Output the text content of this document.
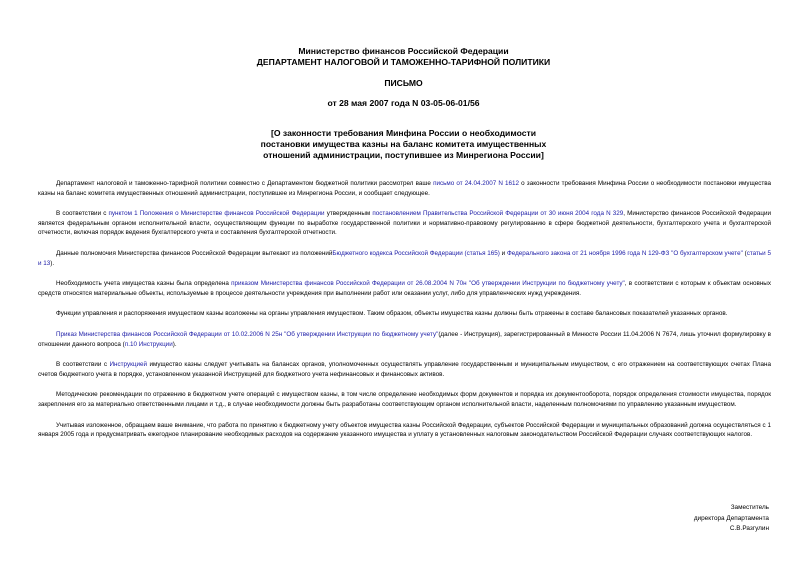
Министерство финансов Российской Федерации
ДЕПАРТАМЕНТ НАЛОГОВОЙ И ТАМОЖЕННО-ТАРИФНОЙ ПОЛИТИКИ
ПИСЬМО
от 28 мая 2007 года N 03-05-06-01/56
[О законности требования Минфина России о необходимости
постановки имущества казны на баланс комитета имущественных
отношений администрации, поступившее из Минрегиона России]

Департамент налоговой и таможенно-тарифной политики совместно с Департаментом бюджетной политики рассмотрел ваше письмо от 24.04.2007 N 1612 о законности требования Минфина России о необходимости постановки имущества казны на баланс комитета имущественных отношений администрации, поступившее из Минрегиона России, и сообщает следующее.

В соответствии с пунктом 1 Положения о Министерстве финансов Российской Федерации утвержденным постановлением Правительства Российской Федерации от 30 июня 2004 года N 329, Министерство финансов Российской Федерации является федеральным органом исполнительной власти, осуществляющим функции по выработке государственной политики и нормативно-правовому регулированию в сфере бюджетной деятельности, бухгалтерского учета и бухгалтерской отчетности, включая порядок ведения бухгалтерского учета и составления бухгалтерской отчетности.

Данные полномочия Министерства финансов Российской Федерации вытекают из положенийБюджетного кодекса Российской Федерации (статья 165) и Федерального закона от 21 ноября 1996 года N 129-ФЗ "О бухгалтерском учете" (статьи 5 и 13).

Необходимость учета имущества казны была определена приказом Министерства финансов Российской Федерации от 26.08.2004 N 70н "Об утверждении Инструкции по бюджетному учету", в соответствии с которым к объектам основных средств относятся материальные объекты, используемые в процессе деятельности учреждения при выполнении работ или оказании услуг, либо для управленческих нужд учреждения.

Функции управления и распоряжения имуществом казны возложены на органы управления имуществом. Таким образом, объекты имущества казны должны быть отражены в составе балансовых показателей указанных органов.

Приказ Министерства финансов Российской Федерации от 10.02.2006 N 25н "Об утверждении Инструкции по бюджетному учету"(далее - Инструкция), зарегистрированный в Минюсте России 11.04.2006 N 7674, лишь уточнил формулировку в отношении данного вопроса (п.10 Инструкции).

В соответствии с Инструкцией имущество казны следует учитывать на балансах органов, уполномоченных осуществлять управление государственным и муниципальным имуществом, с его отражением на соответствующих счетах Плана счетов бюджетного учета в порядке, установленном указанной Инструкцией для бюджетного учета нефинансовых и финансовых активов.

Методические рекомендации по отражению в бюджетном учете операций с имуществом казны, в том числе определение необходимых форм документов и порядка их документооборота, порядок определения стоимости имущества, порядок закрепления его за материально ответственными лицами и т.д., в случае необходимости должны быть разработаны соответствующим органом исполнительной власти, наделенным полномочиями по управлению указанным имуществом.

Учитывая изложенное, обращаем ваше внимание, что работа по принятию к бюджетному учету объектов имущества казны Российской Федерации, субъектов Российской Федерации и муниципальных образований должна осуществляться с 1 января 2005 года и предусматривать ежегодное планирование необходимых расходов на содержание указанного имущества и уплату в установленных налоговым законодательством Российской Федерации случаях соответствующих налогов.

Заместитель
директора Департамента
С.В.Разгулин
